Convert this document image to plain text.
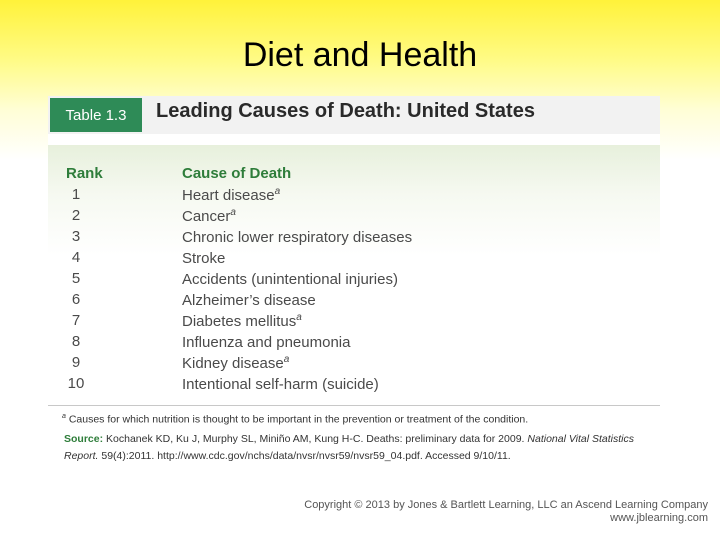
Diet and Health
Table 1.3	Leading Causes of Death: United States
Rank	Cause of Death
1	Heart disease$^a$
2	Cancer$^a$
3	Chronic lower respiratory diseases
4	Stroke
5	Accidents (unintentional injuries)
6	Alzheimer’s disease
7	Diabetes mellitus$^a$
8	Influenza and pneumonia
9	Kidney disease$^a$
10	Intentional self-harm (suicide)
$^a$ Causes for which nutrition is thought to be important in the prevention or treatment of the condition.
Source: Kochanek KD, Ku J, Murphy SL, Miniño AM, Kung H-C. Deaths: preliminary data for 2009. National Vital Statistics Report. 59(4):2011. http://www.cdc.gov/nchs/data/nvsr/nvsr59/nvsr59_04.pdf. Accessed 9/10/11.
Copyright © 2013 by Jones & Bartlett Learning, LLC an Ascend Learning Company
www.jblearning.com
